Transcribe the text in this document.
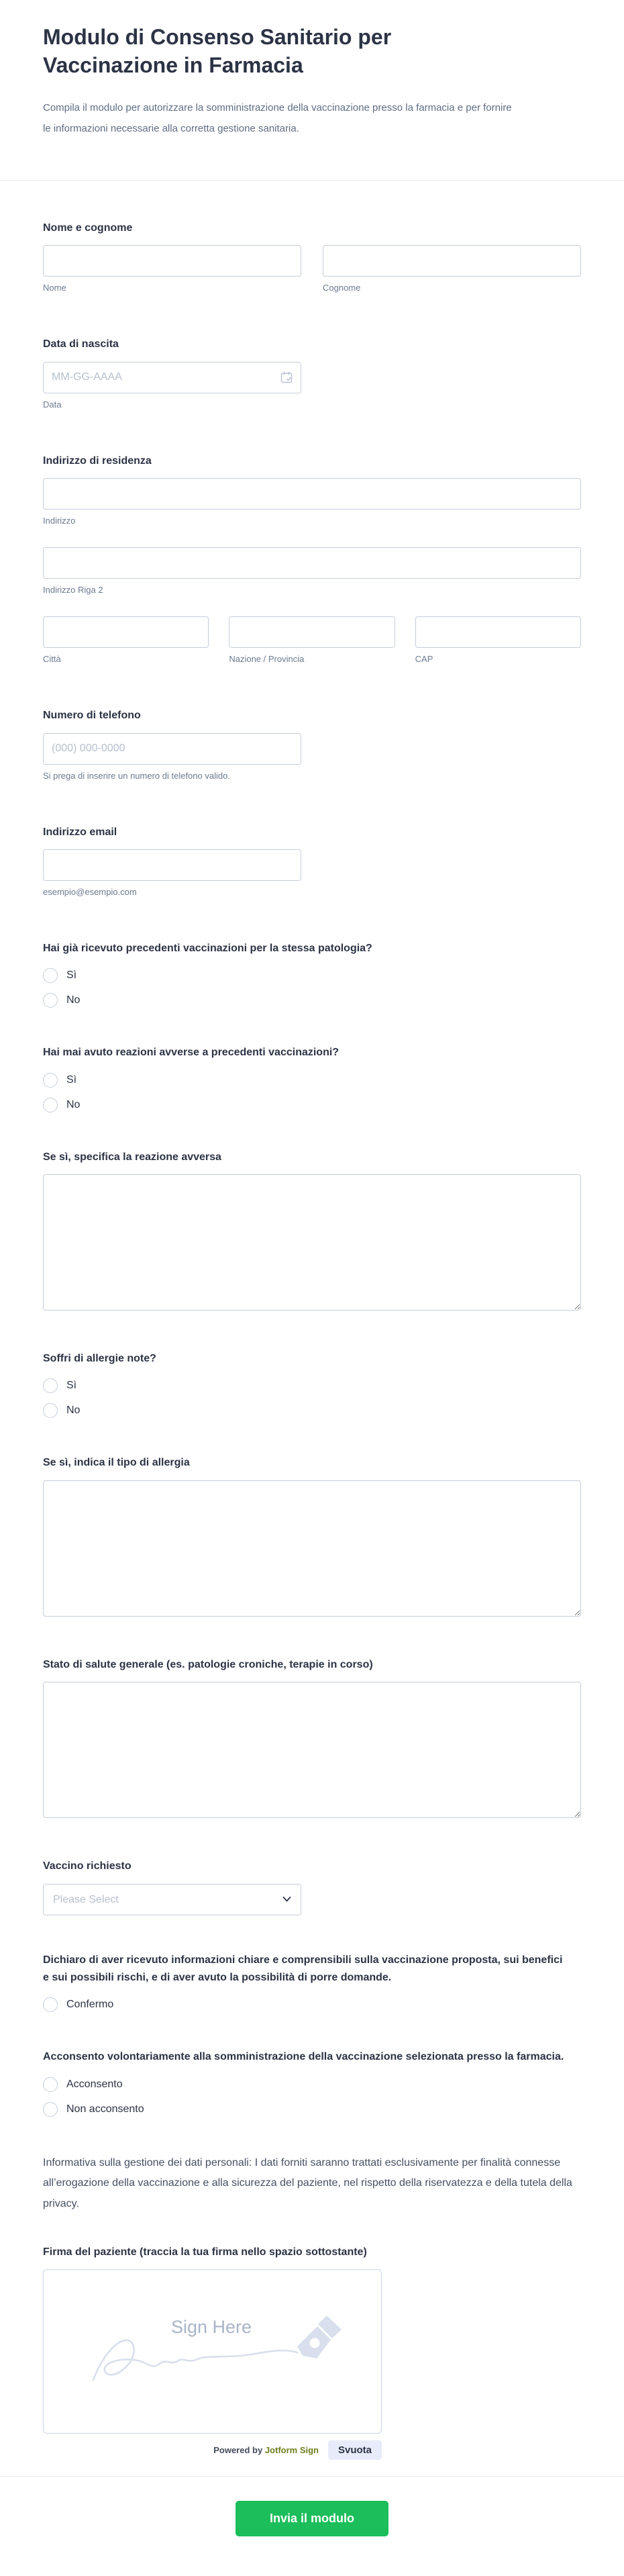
Modulo di Consenso Sanitario per Vaccinazione in Farmacia

Compila il modulo per autorizzare la somministrazione della vaccinazione presso la farmacia e per fornire le informazioni necessarie alla corretta gestione sanitaria.

Nome e cognome
Nome	Cognome
Data di nascita
MM-GG-AAAA
Data
Indirizzo di residenza
Indirizzo
Indirizzo Riga 2
Città	Nazione / Provincia	CAP
Numero di telefono
(000) 000-0000
Si prega di inserire un numero di telefono valido.
Indirizzo email
esempio@esempio.com
Hai già ricevuto precedenti vaccinazioni per la stessa patologia?
Sì
No
Hai mai avuto reazioni avverse a precedenti vaccinazioni?
Sì
No
Se sì, specifica la reazione avversa
Soffri di allergie note?
Sì
No
Se sì, indica il tipo di allergia
Stato di salute generale (es. patologie croniche, terapie in corso)
Vaccino richiesto
Please Select
Dichiaro di aver ricevuto informazioni chiare e comprensibili sulla vaccinazione proposta, sui benefici e sui possibili rischi, e di aver avuto la possibilità di porre domande.
Confermo
Acconsento volontariamente alla somministrazione della vaccinazione selezionata presso la farmacia.
Acconsento
Non acconsento

Informativa sulla gestione dei dati personali: I dati forniti saranno trattati esclusivamente per finalità connesse all’erogazione della vaccinazione e alla sicurezza del paziente, nel rispetto della riservatezza e della tutela della privacy.

Firma del paziente (traccia la tua firma nello spazio sottostante)
Sign Here
Powered by Jotform Sign	Svuota
Invia il modulo
